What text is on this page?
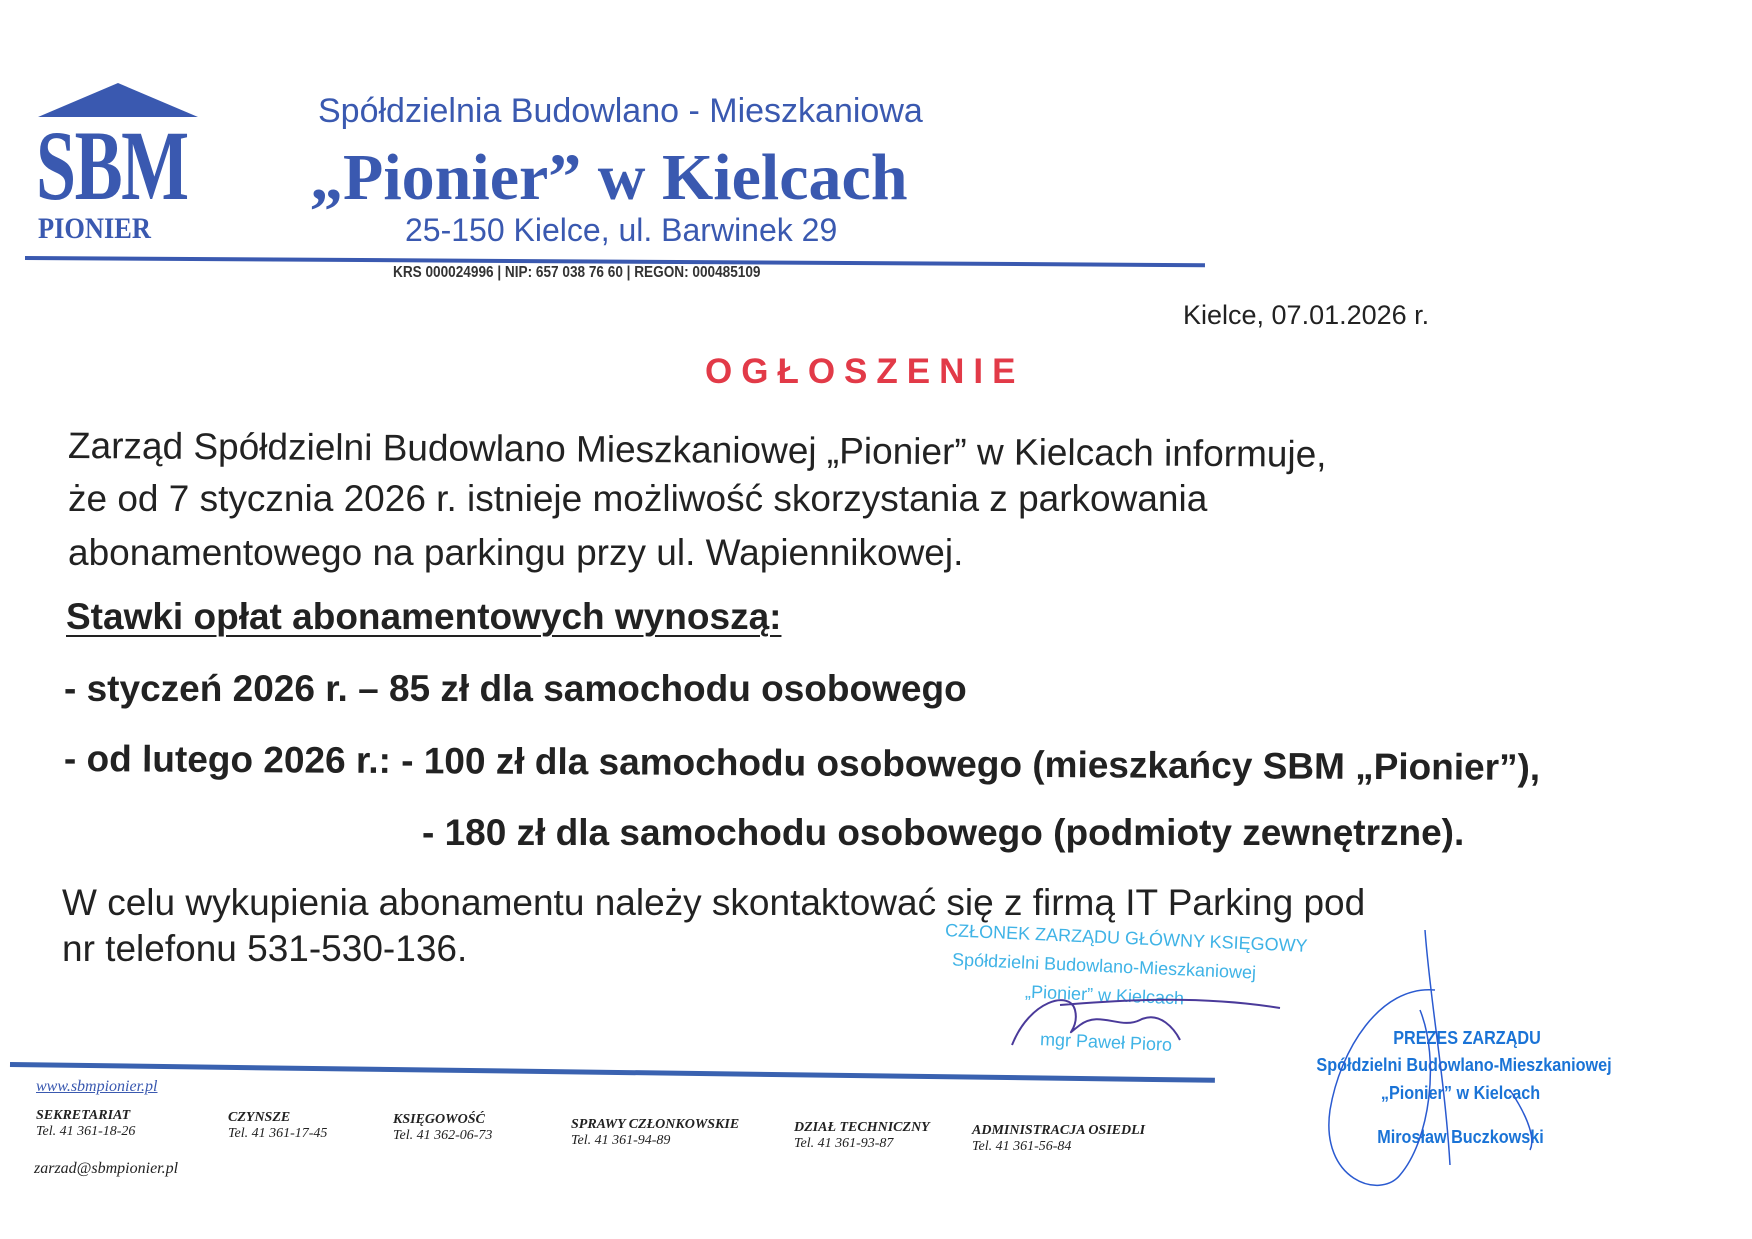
SBM
PIONIER
Spółdzielnia Budowlano - Mieszkaniowa
„Pionier” w Kielcach
25-150 Kielce, ul. Barwinek 29
KRS 000024996 | NIP: 657 038 76 60 | REGON: 000485109
Kielce, 07.01.2026 r.
OGŁOSZENIE
Zarząd Spółdzielni Budowlano Mieszkaniowej „Pionier” w Kielcach informuje,
że od 7 stycznia 2026 r. istnieje możliwość skorzystania z parkowania
abonamentowego na parkingu przy ul. Wapiennikowej.
Stawki opłat abonamentowych wynoszą:
- styczeń 2026 r. – 85 zł dla samochodu osobowego
- od lutego 2026 r.: - 100 zł dla samochodu osobowego (mieszkańcy SBM „Pionier”),
- 180 zł dla samochodu osobowego (podmioty zewnętrzne).
W celu wykupienia abonamentu należy skontaktować się z firmą IT Parking pod
nr telefonu 531-530-136.	CZŁONEK ZARZĄDU GŁÓWNY KSIĘGOWY
Spółdzielni Budowlano-Mieszkaniowej
„Pionier” w Kielcach
mgr Paweł Pioro	PREZES ZARZĄDU
Spółdzielni Budowlano-Mieszkaniowej
„Pionier” w Kielcach
Mirosław Buczkowski
www.sbmpionier.pl
SEKRETARIAT
Tel. 41 361-18-26
CZYNSZE
Tel. 41 361-17-45
KSIĘGOWOŚĆ
Tel. 41 362-06-73
SPRAWY CZŁONKOWSKIE
Tel. 41 361-94-89
DZIAŁ TECHNICZNY
Tel. 41 361-93-87
ADMINISTRACJA OSIEDLI
Tel. 41 361-56-84
zarzad@sbmpionier.pl
